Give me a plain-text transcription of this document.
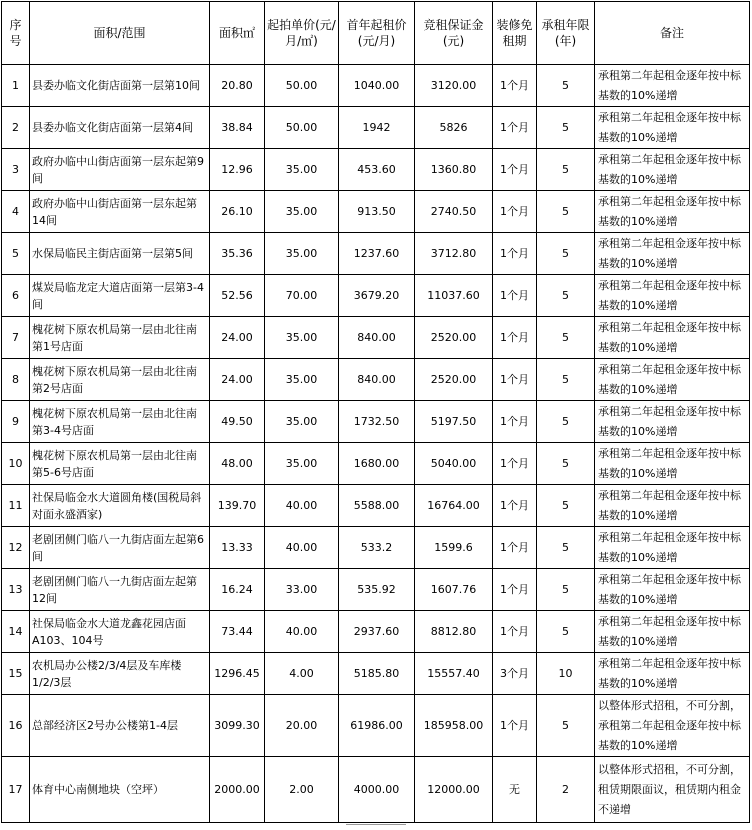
序号	面积/范围	面积㎡	起拍单价(元/月/㎡)	首年起租价(元/月)	竞租保证金(元)	装修免租期	承租年限(年)	备注
1	县委办临文化街店面第一层第10间	20.80	50.00	1040.00	3120.00	1个月	5	承租第二年起租金逐年按中标基数的10%递增
2	县委办临文化街店面第一层第4间	38.84	50.00	1942	5826	1个月	5	承租第二年起租金逐年按中标基数的10%递增
3	政府办临中山街店面第一层东起第9间	12.96	35.00	453.60	1360.80	1个月	5	承租第二年起租金逐年按中标基数的10%递增
4	政府办临中山街店面第一层东起第14间	26.10	35.00	913.50	2740.50	1个月	5	承租第二年起租金逐年按中标基数的10%递增
5	水保局临民主街店面第一层第5间	35.36	35.00	1237.60	3712.80	1个月	5	承租第二年起租金逐年按中标基数的10%递增
6	煤炭局临龙定大道店面第一层第3-4间	52.56	70.00	3679.20	11037.60	1个月	5	承租第二年起租金逐年按中标基数的10%递增
7	槐花树下原农机局第一层由北往南第1号店面	24.00	35.00	840.00	2520.00	1个月	5	承租第二年起租金逐年按中标基数的10%递增
8	槐花树下原农机局第一层由北往南第2号店面	24.00	35.00	840.00	2520.00	1个月	5	承租第二年起租金逐年按中标基数的10%递增
9	槐花树下原农机局第一层由北往南第3-4号店面	49.50	35.00	1732.50	5197.50	1个月	5	承租第二年起租金逐年按中标基数的10%递增
10	槐花树下原农机局第一层由北往南第5-6号店面	48.00	35.00	1680.00	5040.00	1个月	5	承租第二年起租金逐年按中标基数的10%递增
11	社保局临金水大道圆角楼(国税局斜对面永盛酒家)	139.70	40.00	5588.00	16764.00	1个月	5	承租第二年起租金逐年按中标基数的10%递增
12	老剧团侧门临八一九街店面左起第6间	13.33	40.00	533.2	1599.6	1个月	5	承租第二年起租金逐年按中标基数的10%递增
13	老剧团侧门临八一九街店面左起第12间	16.24	33.00	535.92	1607.76	1个月	5	承租第二年起租金逐年按中标基数的10%递增
14	社保局临金水大道龙鑫花园店面A103、104号	73.44	40.00	2937.60	8812.80	1个月	5	承租第二年起租金逐年按中标基数的10%递增
15	农机局办公楼2/3/4层及车库楼1/2/3层	1296.45	4.00	5185.80	15557.40	3个月	10	承租第二年起租金逐年按中标基数的10%递增
16	总部经济区2号办公楼第1-4层	3099.30	20.00	61986.00	185958.00	1个月	5	以整体形式招租，不可分割，承租第二年起租金逐年按中标基数的10%递增
17	体育中心南侧地块（空坪）	2000.00	2.00	4000.00	12000.00	无	2	以整体形式招租，不可分割，租赁期限面议，租赁期内租金不递增
